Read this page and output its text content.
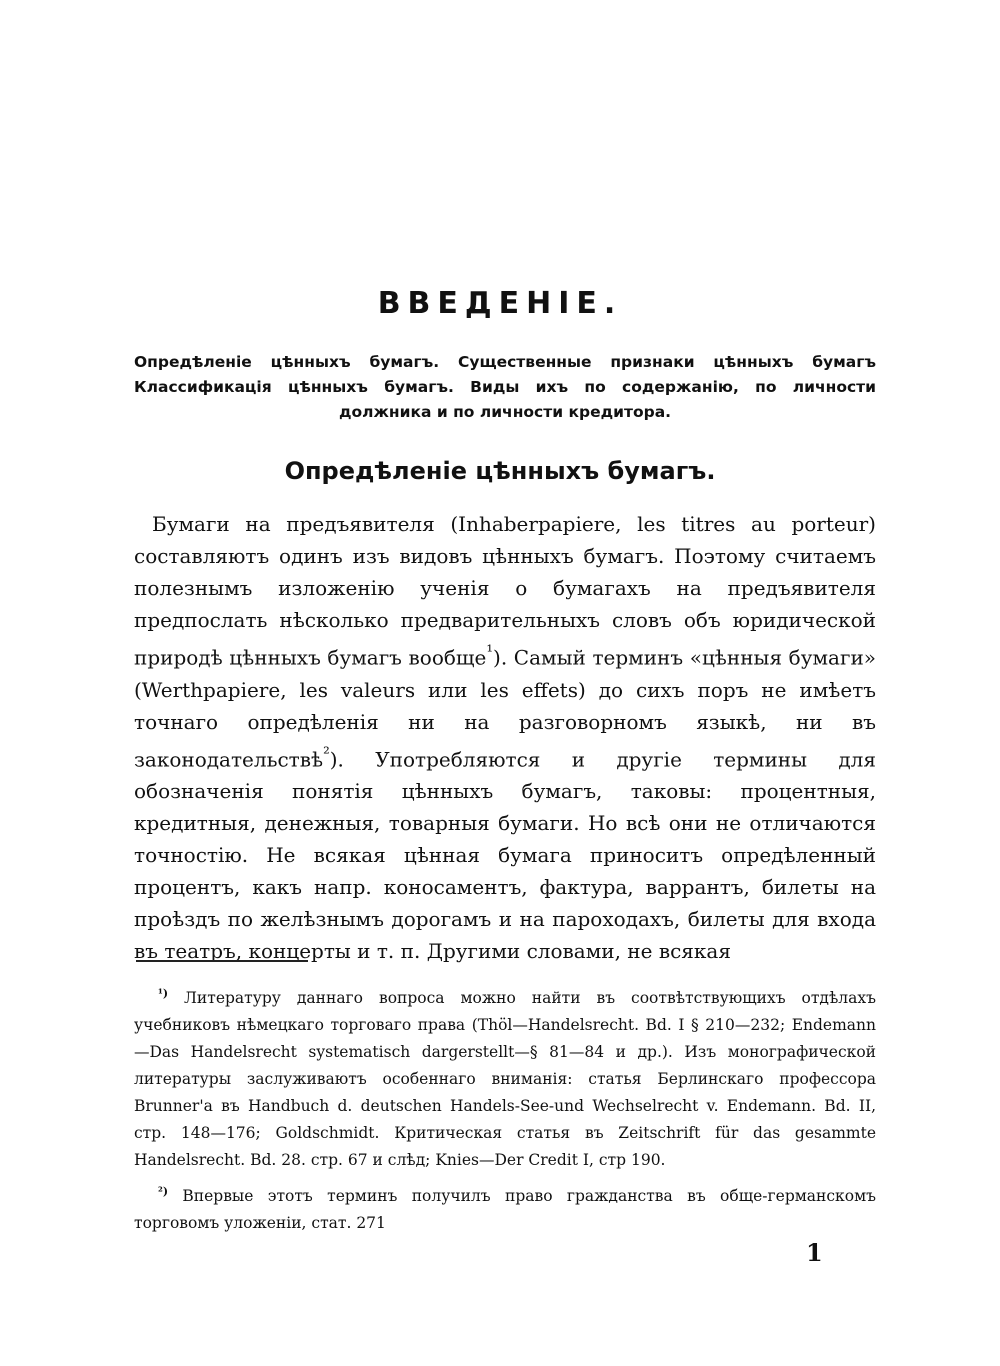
ВВЕДЕНІЕ.

Опредѣленіе цѣнныхъ бумагъ. Существенные признаки цѣнныхъ бумагъ Классификація цѣнныхъ бумагъ. Виды ихъ по содержанію, по личности должника и по личности кредитора.

Опредѣленіе цѣнныхъ бумагъ.

Бумаги на предъявителя (Inhaberpapiere, les titres au porteur) составляютъ одинъ изъ видовъ цѣнныхъ бумагъ. Поэтому считаемъ полезнымъ изложенію ученія о бумагахъ на предъявителя предпослать нѣсколько предварительныхъ словъ объ юридической природѣ цѣнныхъ бумагъ вообще$^{^1}$). Самый терминъ «цѣнныя бумаги» (Werthpapiere, les valeurs или les effets) до сихъ поръ не имѣетъ точнаго опредѣленія ни на разговорномъ языкѣ, ни въ законодательствѣ$^{^2}$). Употребляются и другіе термины для обозначенія понятія цѣнныхъ бумагъ, таковы: процентныя, кредитныя, денежныя, товарныя бумаги. Но всѣ они не отличаются точностію. Не всякая цѣнная бумага приноситъ опредѣленный процентъ, какъ напр. коносаментъ, фактура, варрантъ, билеты на проѣздъ по желѣзнымъ дорогамъ и на пароходахъ, билеты для входа въ театръ, концерты и т. п. Другими словами, не всякая

$^{^1)}$ Литературу даннаго вопроса можно найти въ соотвѣтствующихъ отдѣлахъ учебниковъ нѣмецкаго торговаго права (Thöl—Handelsrecht. Bd. I § 210—232; Endemann—Das Handelsrecht systematisch dargerstellt—§ 81—84 и др.). Изъ монографической литературы заслуживаютъ особеннаго вниманія: статья Берлинскаго профессора Brunner'а въ Handbuch d. deutschen Handels-See-und Wechselrecht v. Endemann. Bd. II, стр. 148—176; Goldschmidt. Критическая статья въ Zeitschrift für das gesammte Handelsrecht. Bd. 28. стр. 67 и слѣд; Knies—Der Credit I, стр 190.

$^{^2)}$ Впервые этотъ терминъ получилъ право гражданства въ обще-германскомъ торговомъ уложеніи, стат. 271

1
